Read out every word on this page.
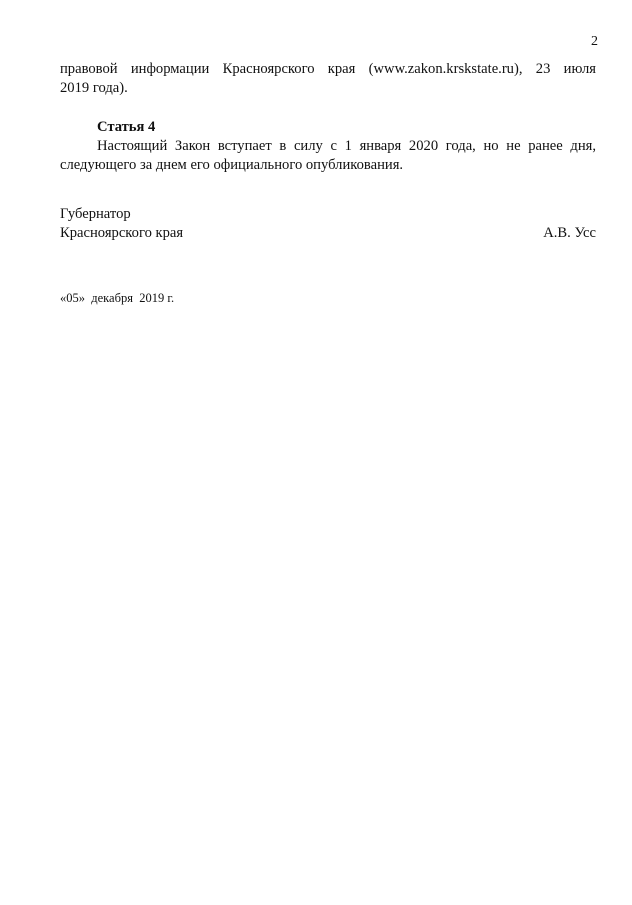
2
правовой информации Красноярского края (www.zakon.krskstate.ru), 23 июля
2019 года).
Статья 4
Настоящий Закон вступает в силу с 1 января 2020 года, но не ранее дня,
следующего за днем его официального опубликования.
Губернатор
Красноярского края	А.В. Усс
«05» декабря 2019 г.
